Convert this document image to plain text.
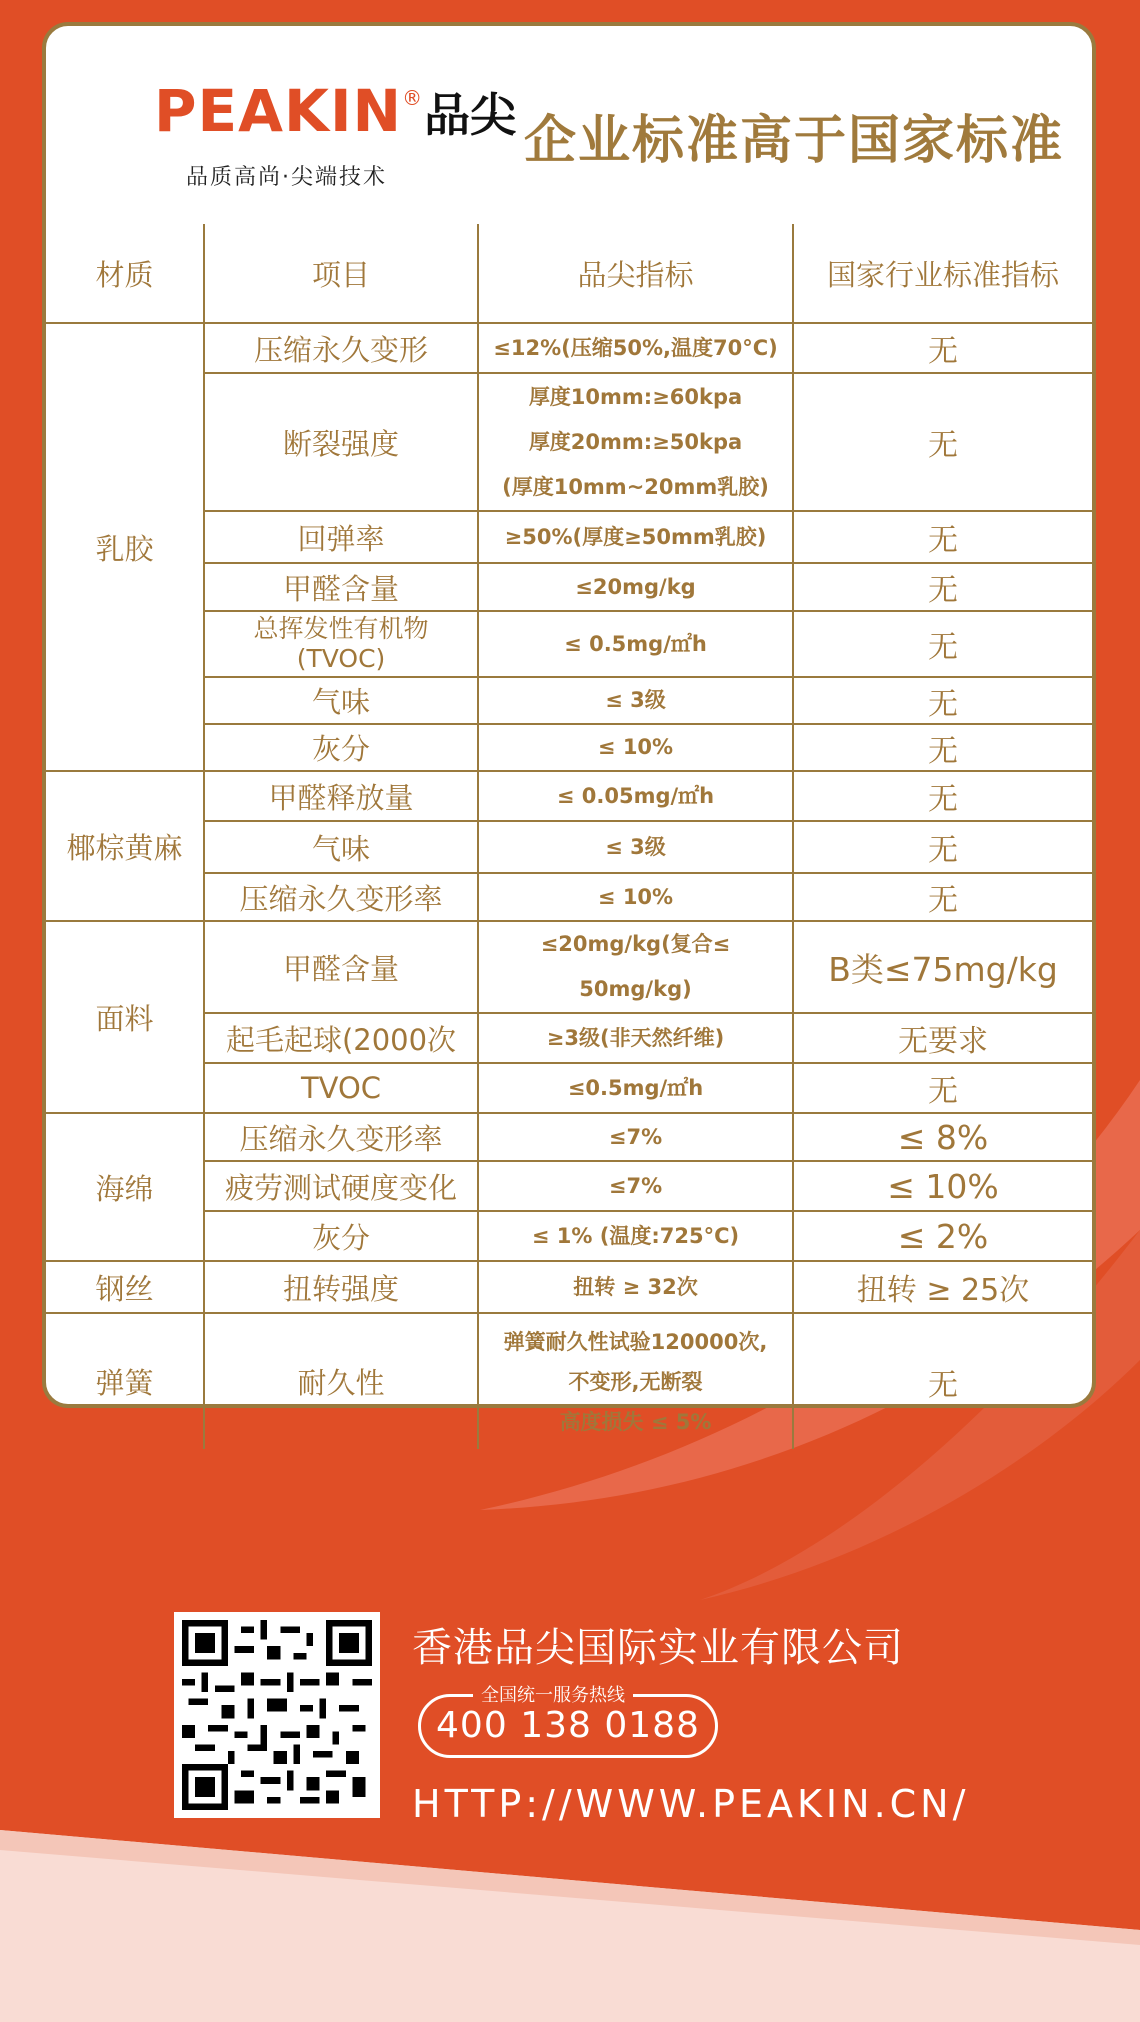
PEAKIN®品尖
品质高尚·尖端技术
企业标准高于国家标准
材质	项目	品尖指标	国家行业标准指标
乳胶	压缩永久变形	≤12%(压缩50%,温度70°C)	无
	断裂强度	厚度10mm:≥60kpa
厚度20mm:≥50kpa
(厚度10mm~20mm乳胶)	无
	回弹率	≥50%(厚度≥50mm乳胶)	无
	甲醛含量	≤20mg/kg	无

	总挥发性有机物
(TVOC)	≤ 0.5mg/㎡h	无
	气味	≤ 3级	无
	灰分	≤ 10%	无
椰棕黄麻	甲醛释放量	≤ 0.05mg/㎡h	无
	气味	≤ 3级	无
	压缩永久变形率	≤ 10%	无
面料	甲醛含量	≤20mg/kg(复合≤ 50mg/kg)	B类≤75mg/kg
	起毛起球(2000次	≥3级(非天然纤维)	无要求
	TVOC	≤0.5mg/㎡h	无
海绵	压缩永久变形率	≤7%	≤ 8%
	疲劳测试硬度变化	≤7%	≤ 10%
	灰分	≤ 1% (温度:725°C)	≤ 2%
钢丝	扭转强度	扭转 ≥ 32次	扭转 ≥ 25次
弹簧	耐久性	弹簧耐久性试验120000次,
不变形,无断裂
高度损失 ≤ 5%	无
香港品尖国际实业有限公司
全国统一服务热线
400 138 0188
HTTP://WWW.PEAKIN.CN/
